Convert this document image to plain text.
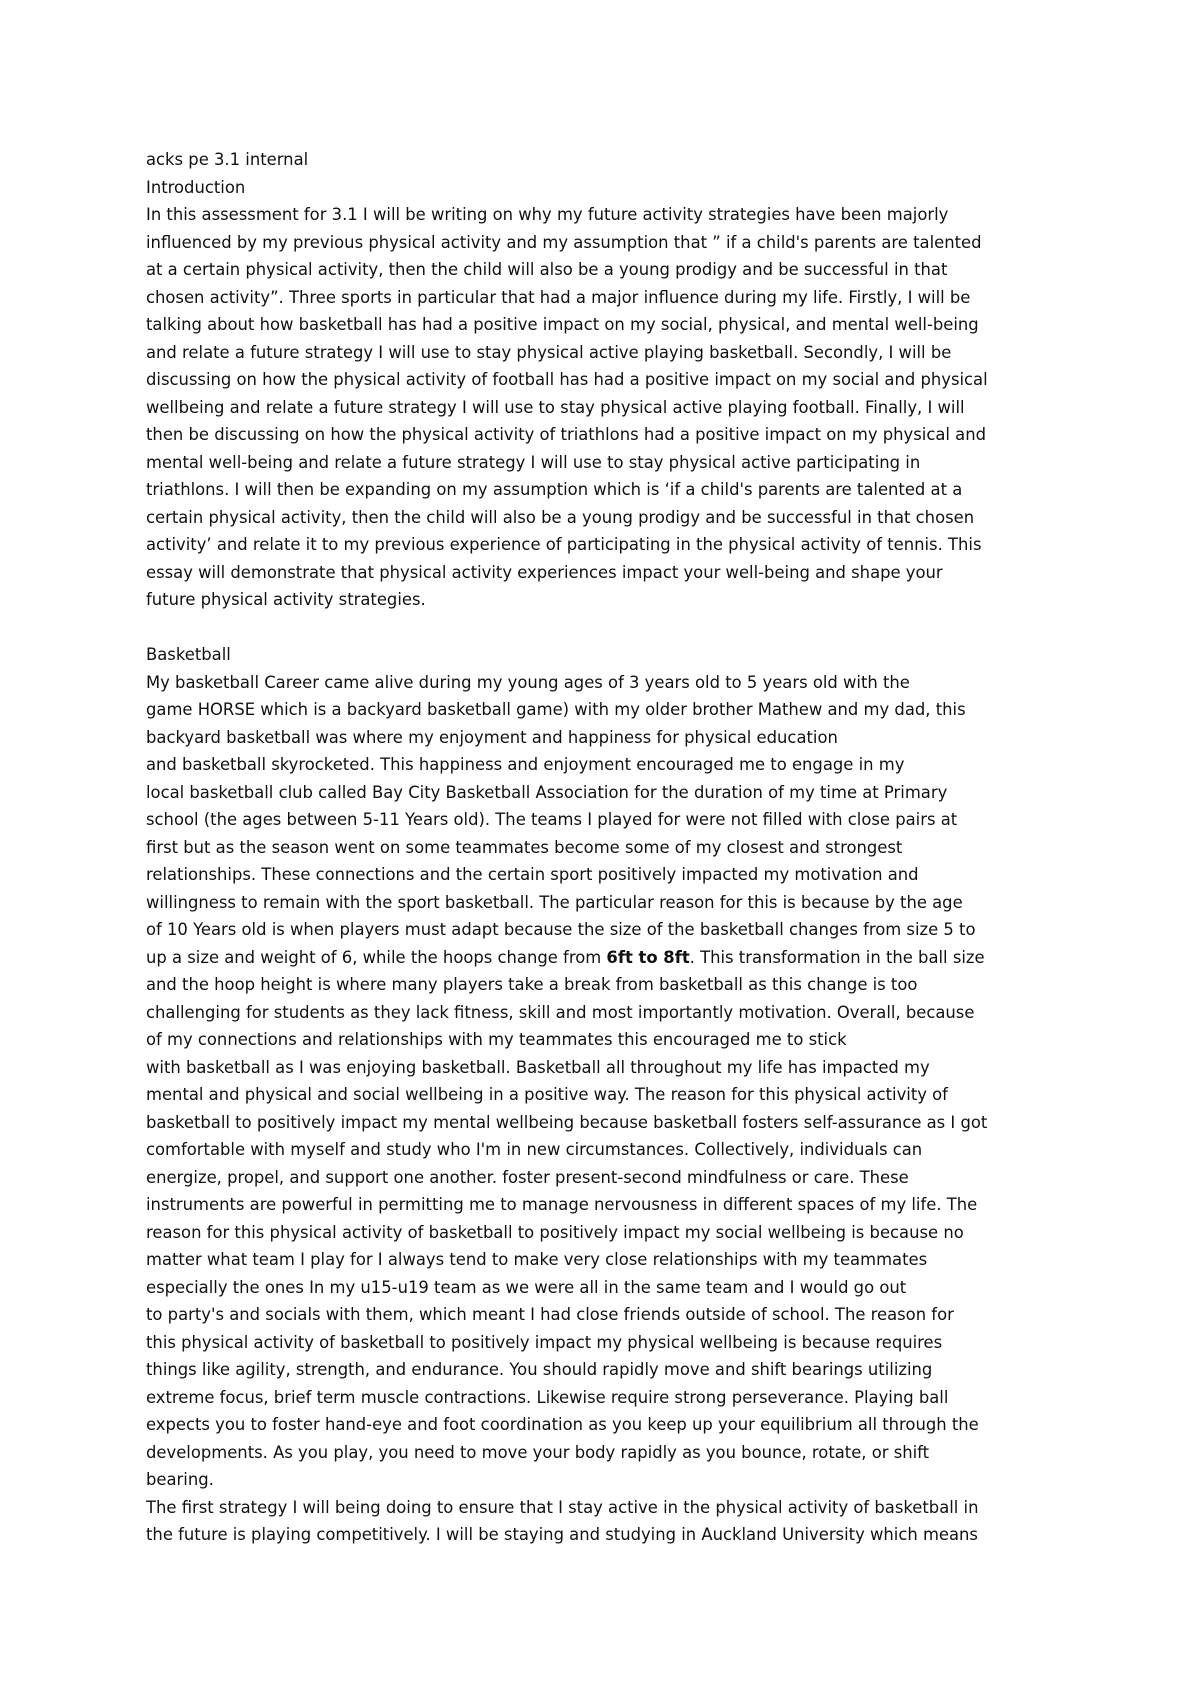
acks pe 3.1 internal
Introduction
In this assessment for 3.1 I will be writing on why my future activity strategies have been majorly
influenced by my previous physical activity and my assumption that ” if a child's parents are talented
at a certain physical activity, then the child will also be a young prodigy and be successful in that
chosen activity”. Three sports in particular that had a major influence during my life. Firstly, I will be
talking about how basketball has had a positive impact on my social, physical, and mental well-being
and relate a future strategy I will use to stay physical active playing basketball. Secondly, I will be
discussing on how the physical activity of football has had a positive impact on my social and physical
wellbeing and relate a future strategy I will use to stay physical active playing football. Finally, I will
then be discussing on how the physical activity of triathlons had a positive impact on my physical and
mental well-being and relate a future strategy I will use to stay physical active participating in
triathlons. I will then be expanding on my assumption which is ‘if a child's parents are talented at a
certain physical activity, then the child will also be a young prodigy and be successful in that chosen
activity’ and relate it to my previous experience of participating in the physical activity of tennis. This
essay will demonstrate that physical activity experiences impact your well-being and shape your
future physical activity strategies.
Basketball
My basketball Career came alive during my young ages of 3 years old to 5 years old with the
game HORSE which is a backyard basketball game) with my older brother Mathew and my dad, this
backyard basketball was where my enjoyment and happiness for physical education
and basketball skyrocketed. This happiness and enjoyment encouraged me to engage in my
local basketball club called Bay City Basketball Association for the duration of my time at Primary
school (the ages between 5-11 Years old). The teams I played for were not filled with close pairs at
first but as the season went on some teammates become some of my closest and strongest
relationships. These connections and the certain sport positively impacted my motivation and
willingness to remain with the sport basketball. The particular reason for this is because by the age
of 10 Years old is when players must adapt because the size of the basketball changes from size 5 to
up a size and weight of 6, while the hoops change from 6ft to 8ft. This transformation in the ball size
and the hoop height is where many players take a break from basketball as this change is too
challenging for students as they lack fitness, skill and most importantly motivation. Overall, because
of my connections and relationships with my teammates this encouraged me to stick
with basketball as I was enjoying basketball. Basketball all throughout my life has impacted my
mental and physical and social wellbeing in a positive way. The reason for this physical activity of
basketball to positively impact my mental wellbeing because basketball fosters self-assurance as I got
comfortable with myself and study who I'm in new circumstances. Collectively, individuals can
energize, propel, and support one another. foster present-second mindfulness or care. These
instruments are powerful in permitting me to manage nervousness in different spaces of my life. The
reason for this physical activity of basketball to positively impact my social wellbeing is because no
matter what team I play for I always tend to make very close relationships with my teammates
especially the ones In my u15-u19 team as we were all in the same team and I would go out
to party's and socials with them, which meant I had close friends outside of school. The reason for
this physical activity of basketball to positively impact my physical wellbeing is because requires
things like agility, strength, and endurance. You should rapidly move and shift bearings utilizing
extreme focus, brief term muscle contractions. Likewise require strong perseverance. Playing ball
expects you to foster hand-eye and foot coordination as you keep up your equilibrium all through the
developments. As you play, you need to move your body rapidly as you bounce, rotate, or shift
bearing.
The first strategy I will being doing to ensure that I stay active in the physical activity of basketball in
the future is playing competitively. I will be staying and studying in Auckland University which means
